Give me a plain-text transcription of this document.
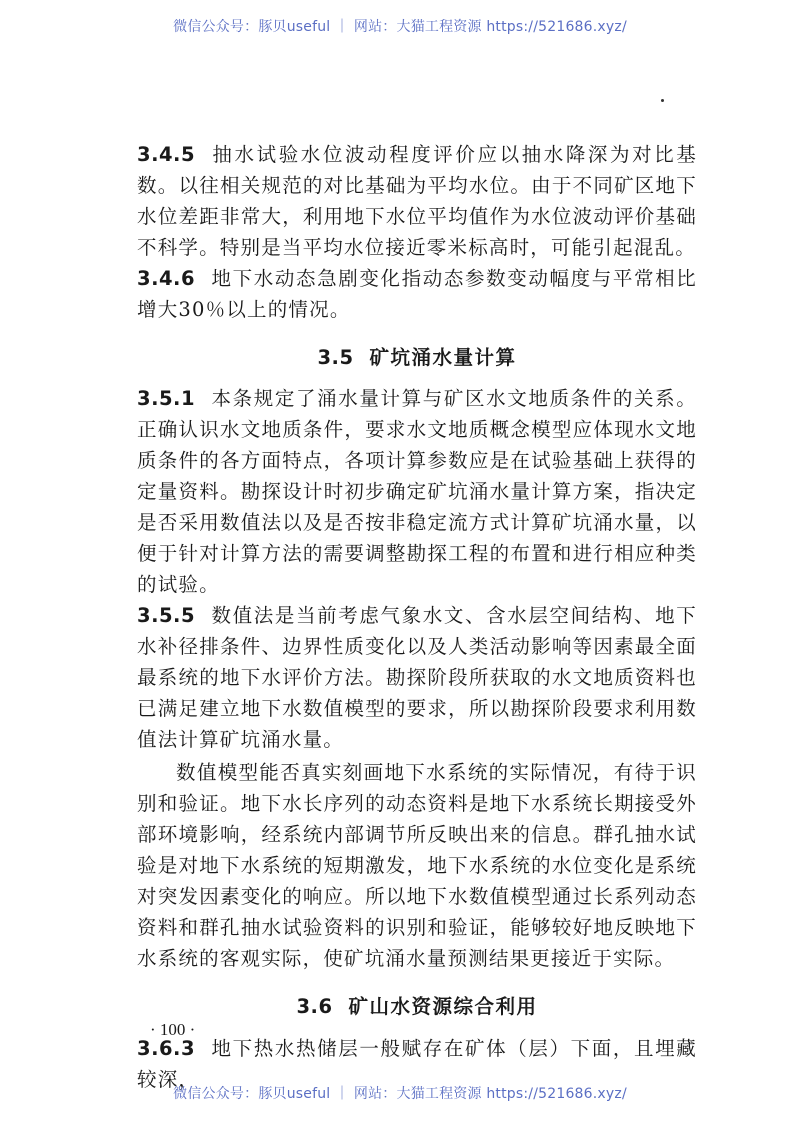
微信公众号：豚贝useful ｜ 网站：大猫工程资源 https://521686.xyz/

3.4.5 抽水试验水位波动程度评价应以抽水降深为对比基数。以往相关规范的对比基础为平均水位。由于不同矿区地下水位差距非常大，利用地下水位平均值作为水位波动评价基础不科学。特别是当平均水位接近零米标高时，可能引起混乱。

3.4.6 地下水动态急剧变化指动态参数变动幅度与平常相比增大30％以上的情况。

3.5 矿坑涌水量计算

3.5.1 本条规定了涌水量计算与矿区水文地质条件的关系。正确认识水文地质条件，要求水文地质概念模型应体现水文地质条件的各方面特点，各项计算参数应是在试验基础上获得的定量资料。勘探设计时初步确定矿坑涌水量计算方案，指决定是否采用数值法以及是否按非稳定流方式计算矿坑涌水量，以便于针对计算方法的需要调整勘探工程的布置和进行相应种类的试验。

3.5.5 数值法是当前考虑气象水文、含水层空间结构、地下水补径排条件、边界性质变化以及人类活动影响等因素最全面最系统的地下水评价方法。勘探阶段所获取的水文地质资料也已满足建立地下水数值模型的要求，所以勘探阶段要求利用数值法计算矿坑涌水量。

数值模型能否真实刻画地下水系统的实际情况，有待于识别和验证。地下水长序列的动态资料是地下水系统长期接受外部环境影响，经系统内部调节所反映出来的信息。群孔抽水试验是对地下水系统的短期激发，地下水系统的水位变化是系统对突发因素变化的响应。所以地下水数值模型通过长系列动态资料和群孔抽水试验资料的识别和验证，能够较好地反映地下水系统的客观实际，使矿坑涌水量预测结果更接近于实际。

3.6 矿山水资源综合利用

3.6.3 地下热水热储层一般赋存在矿体（层）下面，且埋藏较深，

· 100 ·
微信公众号：豚贝useful ｜ 网站：大猫工程资源 https://521686.xyz/
